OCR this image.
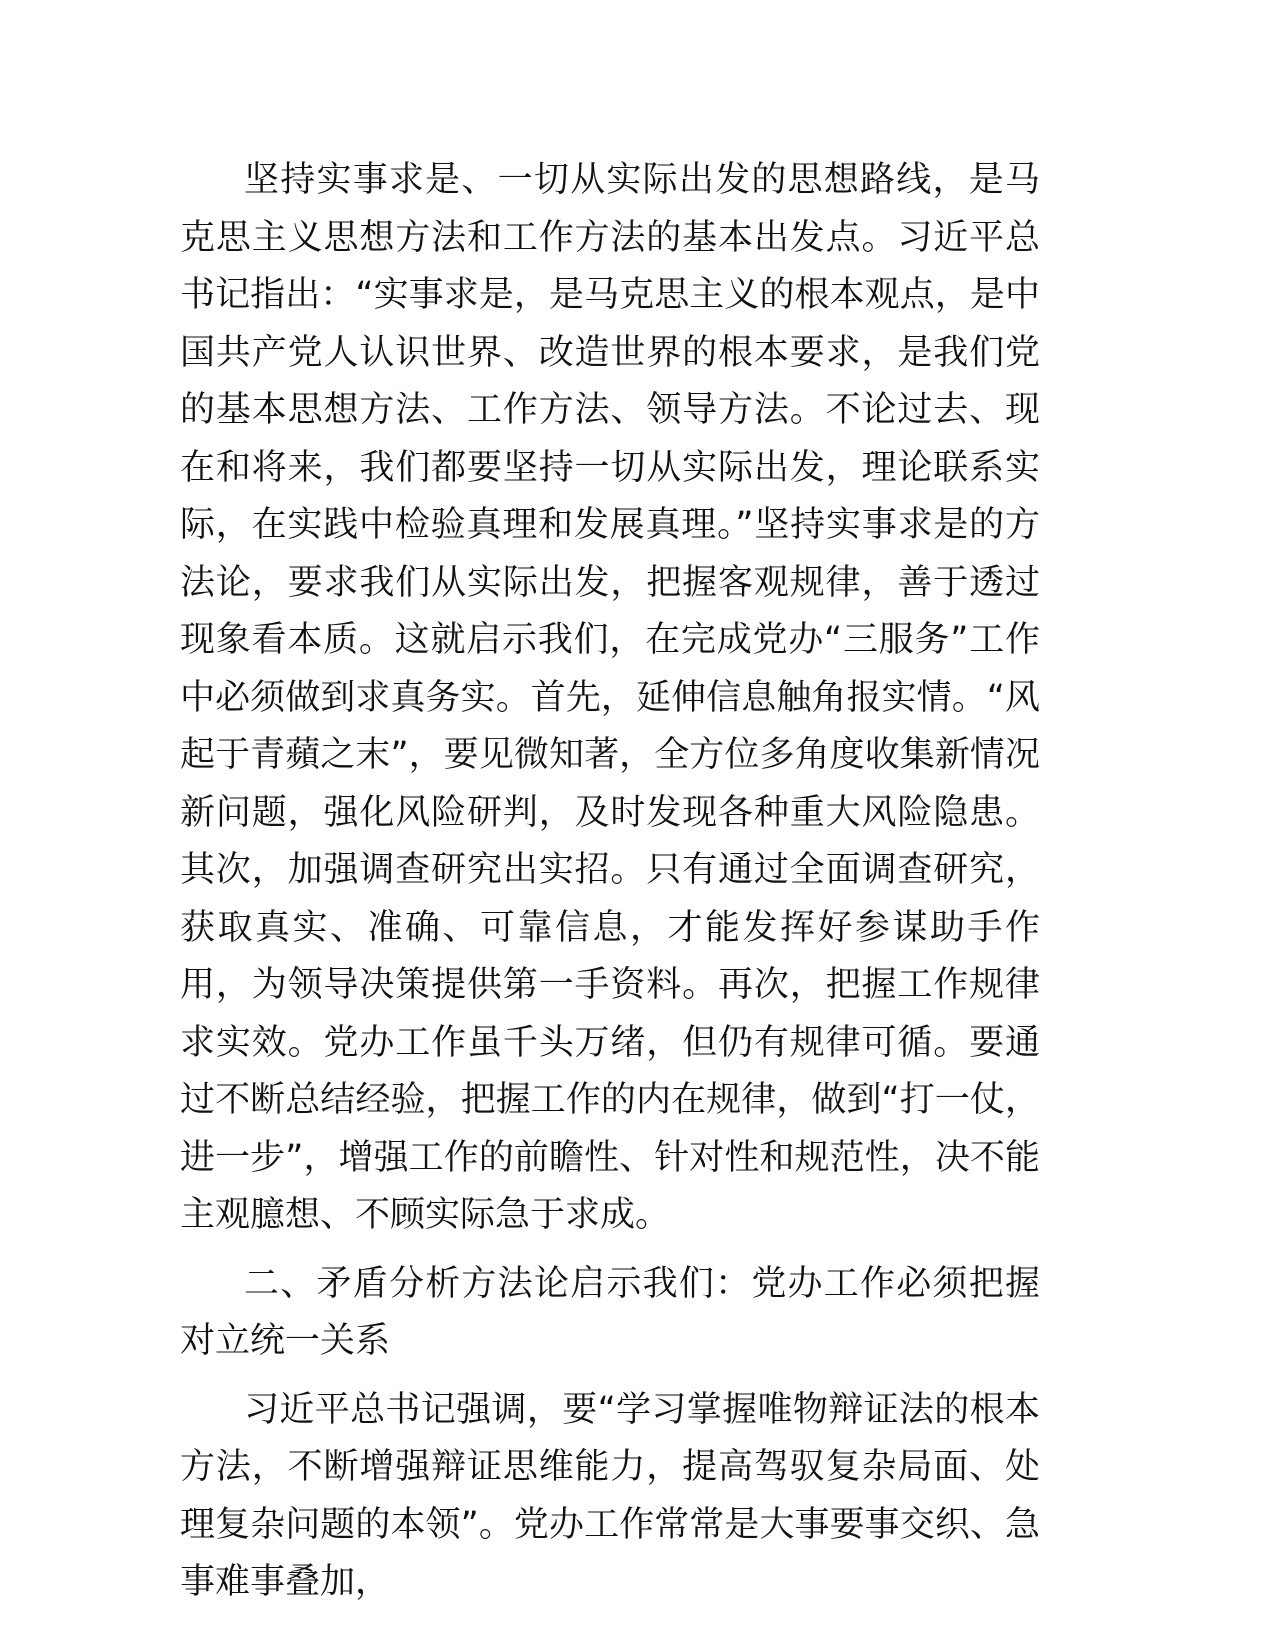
坚持实事求是、一切从实际出发的思想路线，是马克思主义思想方法和工作方法的基本出发点。习近平总书记指出：“实事求是，是马克思主义的根本观点，是中国共产党人认识世界、改造世界的根本要求，是我们党的基本思想方法、工作方法、领导方法。不论过去、现在和将来，我们都要坚持一切从实际出发，理论联系实际，在实践中检验真理和发展真理。”坚持实事求是的方法论，要求我们从实际出发，把握客观规律，善于透过现象看本质。这就启示我们，在完成党办“三服务”工作中必须做到求真务实。首先，延伸信息触角报实情。“风起于青蘋之末”，要见微知著，全方位多角度收集新情况新问题，强化风险研判，及时发现各种重大风险隐患。其次，加强调查研究出实招。只有通过全面调查研究，获取真实、准确、可靠信息，才能发挥好参谋助手作用，为领导决策提供第一手资料。再次，把握工作规律求实效。党办工作虽千头万绪，但仍有规律可循。要通过不断总结经验，把握工作的内在规律，做到“打一仗，进一步”，增强工作的前瞻性、针对性和规范性，决不能主观臆想、不顾实际急于求成。

二、矛盾分析方法论启示我们：党办工作必须把握对立统一关系

习近平总书记强调，要“学习掌握唯物辩证法的根本方法，不断增强辩证思维能力，提高驾驭复杂局面、处理复杂问题的本领”。党办工作常常是大事要事交织、急事难事叠加，
